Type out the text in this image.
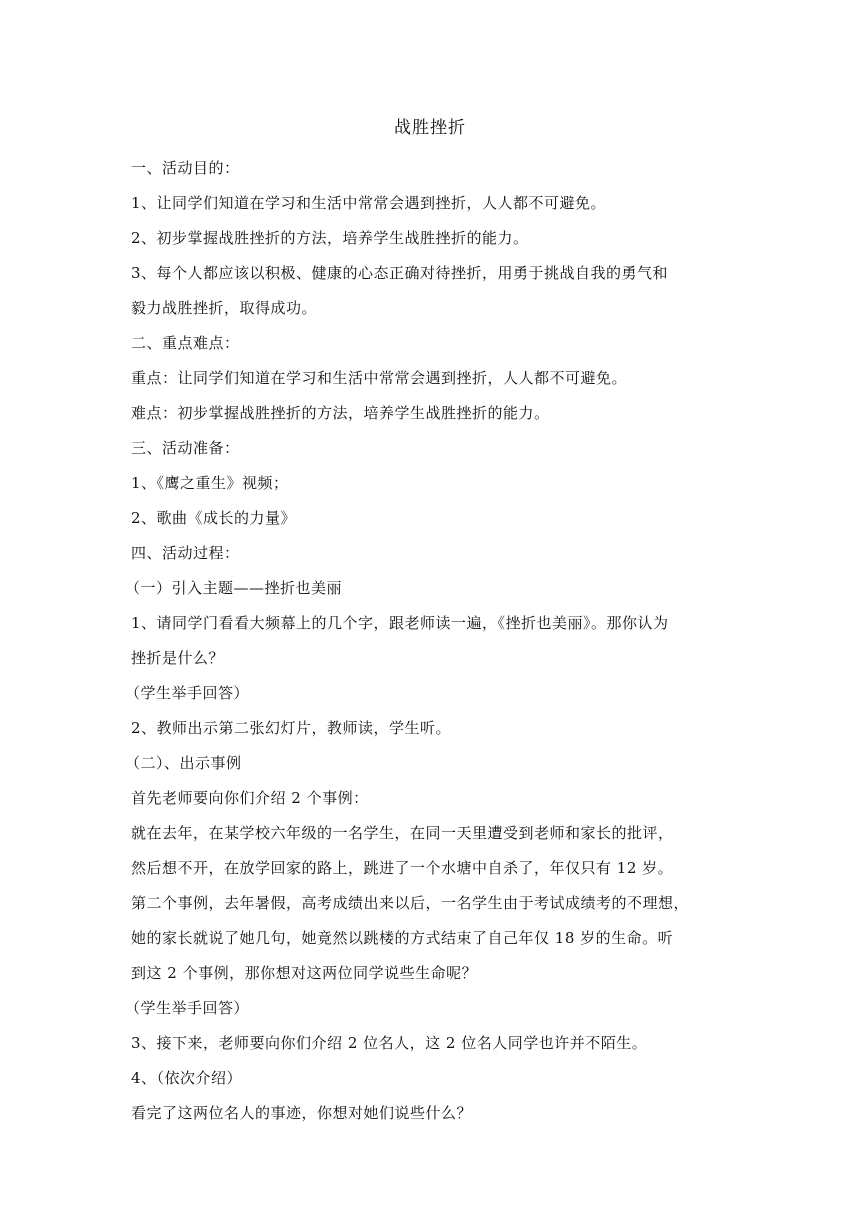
战胜挫折
一、活动目的：
1、让同学们知道在学习和生活中常常会遇到挫折，人人都不可避免。
2、初步掌握战胜挫折的方法，培养学生战胜挫折的能力。
3、每个人都应该以积极、健康的心态正确对待挫折，用勇于挑战自我的勇气和
毅力战胜挫折，取得成功。
二、重点难点：
重点：让同学们知道在学习和生活中常常会遇到挫折，人人都不可避免。
难点：初步掌握战胜挫折的方法，培养学生战胜挫折的能力。
三、活动准备：
1、《鹰之重生》视频；
2、歌曲《成长的力量》
四、活动过程：
（一）引入主题——挫折也美丽
1、请同学门看看大频幕上的几个字，跟老师读一遍，《挫折也美丽》。那你认为
挫折是什么？
（学生举手回答）
2、教师出示第二张幻灯片，教师读，学生听。
（二）、出示事例
首先老师要向你们介绍 2 个事例：
就在去年，在某学校六年级的一名学生，在同一天里遭受到老师和家长的批评，
然后想不开，在放学回家的路上，跳进了一个水塘中自杀了，年仅只有 12 岁。
第二个事例，去年暑假，高考成绩出来以后，一名学生由于考试成绩考的不理想，
她的家长就说了她几句，她竟然以跳楼的方式结束了自己年仅 18 岁的生命。听
到这 2 个事例，那你想对这两位同学说些生命呢？
（学生举手回答）
3、接下来，老师要向你们介绍 2 位名人，这 2 位名人同学也许并不陌生。
4、（依次介绍）
看完了这两位名人的事迹，你想对她们说些什么？
